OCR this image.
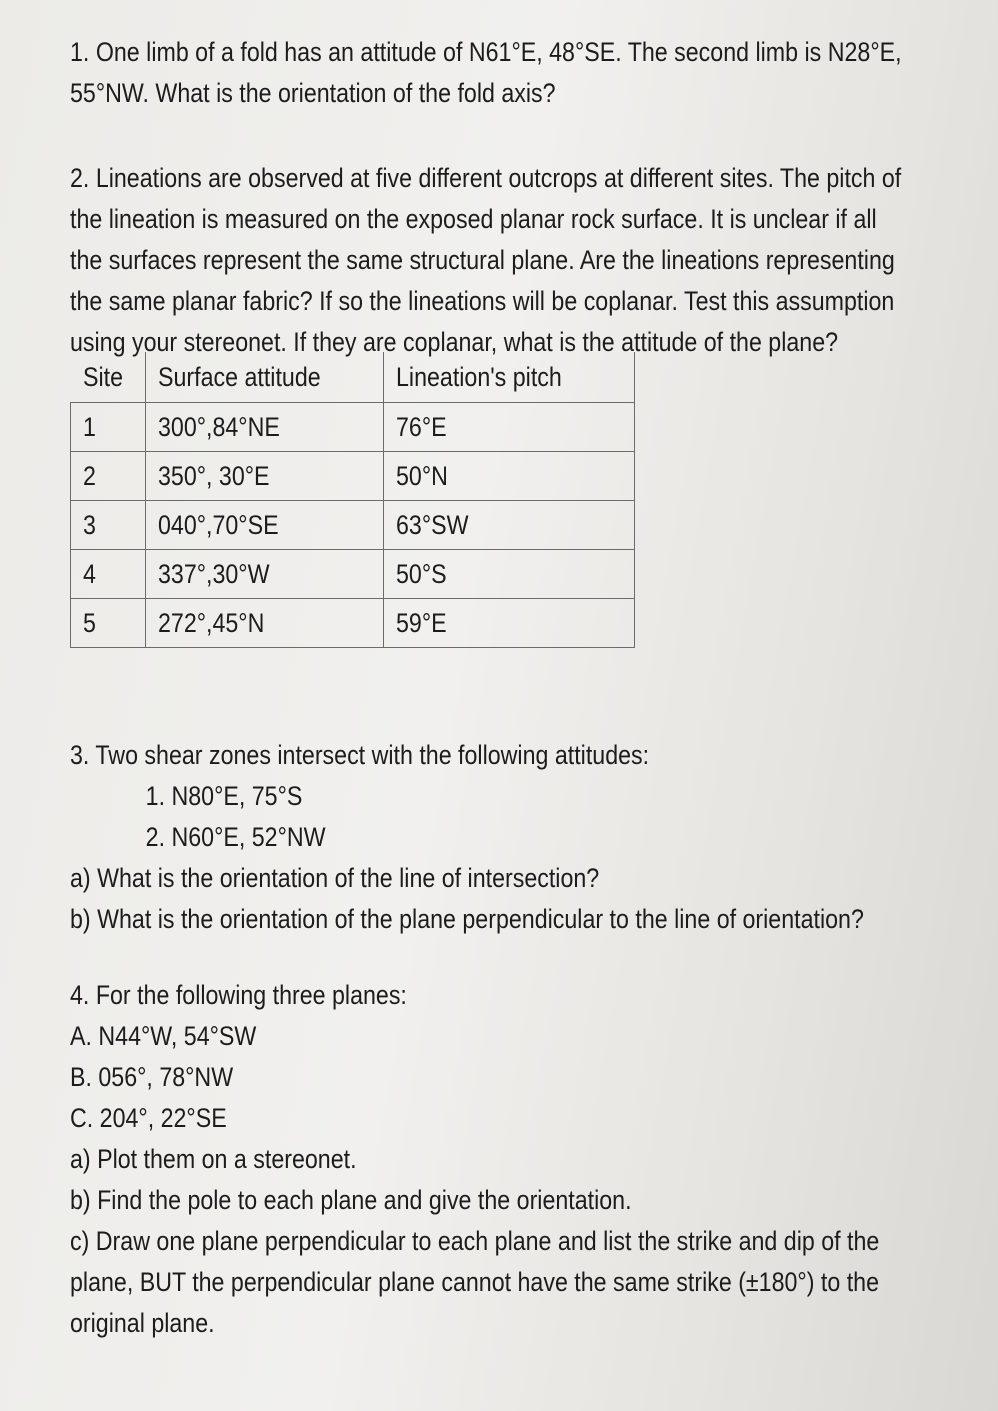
1. One limb of a fold has an attitude of N61°E, 48°SE. The second limb is N28°E,
55°NW. What is the orientation of the fold axis?
2. Lineations are observed at five different outcrops at different sites. The pitch of
the lineation is measured on the exposed planar rock surface. It is unclear if all
the surfaces represent the same structural plane. Are the lineations representing
the same planar fabric? If so the lineations will be coplanar. Test this assumption
using your stereonet. If they are coplanar, what is the attitude of the plane?
Site	Surface attitude	Lineation's pitch
1	300°,84°NE	76°E
2	350°, 30°E	50°N
3	040°,70°SE	63°SW
4	337°,30°W	50°S
5	272°,45°N	59°E
3. Two shear zones intersect with the following attitudes:
1. N80°E, 75°S
2. N60°E, 52°NW
a) What is the orientation of the line of intersection?
b) What is the orientation of the plane perpendicular to the line of orientation?
4. For the following three planes:
A. N44°W, 54°SW
B. 056°, 78°NW
C. 204°, 22°SE
a) Plot them on a stereonet.
b) Find the pole to each plane and give the orientation.
c) Draw one plane perpendicular to each plane and list the strike and dip of the
plane, BUT the perpendicular plane cannot have the same strike (±180°) to the
original plane.
